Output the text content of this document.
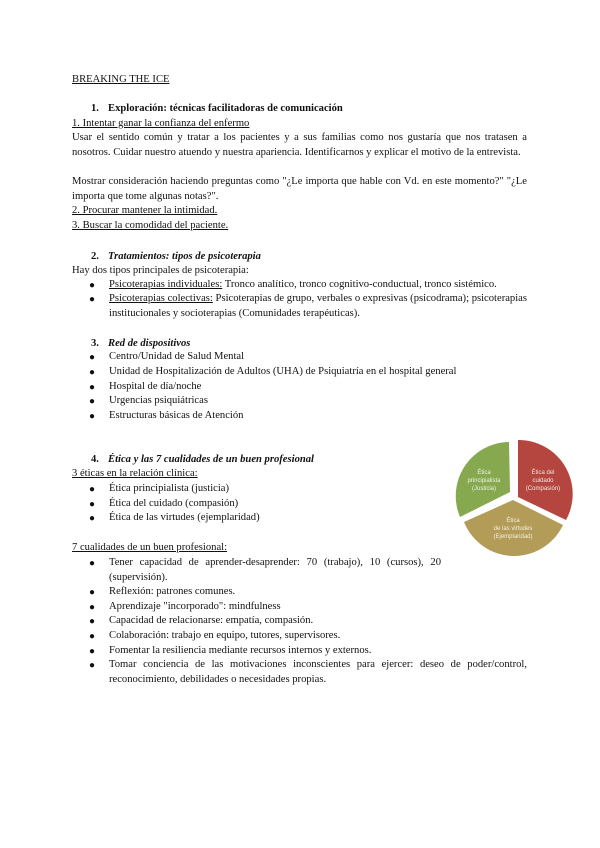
BREAKING THE ICE
1. Exploración: técnicas facilitadoras de comunicación
1. Intentar ganar la confianza del enfermo
Usar el sentido común y tratar a los pacientes y a sus familias como nos gustaría que nos tratasen a nosotros. Cuidar nuestro atuendo y nuestra apariencia. Identificarnos y explicar el motivo de la entrevista.
Mostrar consideración haciendo preguntas como "¿Le importa que hable con Vd. en este momento?" "¿Le importa que tome algunas notas?".
2. Procurar mantener la intimidad.
3. Buscar la comodidad del paciente.
2. Tratamientos: tipos de psicoterapia
Hay dos tipos principales de psicoterapia:
● Psicoterapias individuales: Tronco analítico, tronco cognitivo-conductual, tronco sistémico.
● Psicoterapias colectivas: Psicoterapias de grupo, verbales o expresivas (psicodrama); psicoterapias institucionales y socioterapias (Comunidades terapéuticas).
3. Red de dispositivos
● Centro/Unidad de Salud Mental
● Unidad de Hospitalización de Adultos (UHA) de Psiquiatría en el hospital general
● Hospital de día/noche
● Urgencias psiquiátricas
● Estructuras básicas de Atención
4. Ética y las 7 cualidades de un buen profesional
3 éticas en la relación clínica:
● Ética principialista (justicia)
● Ética del cuidado (compasión)
● Ética de las virtudes (ejemplaridad)
7 cualidades de un buen profesional:
● Tener capacidad de aprender-desaprender: 70 (trabajo), 10 (cursos), 20 (supervisión).
● Reflexión: patrones comunes.
● Aprendizaje "incorporado": mindfulness
● Capacidad de relacionarse: empatía, compasión.
● Colaboración: trabajo en equipo, tutores, supervisores.
● Fomentar la resiliencia mediante recursos internos y externos.
● Tomar conciencia de las motivaciones inconscientes para ejercer: deseo de poder/control, reconocimiento, debilidades o necesidades propias.
Ética del
cuidado
(Compasión)
Ética
de las virtudes
(Ejemplaridad)
Ética
principialista
(Justicia)
